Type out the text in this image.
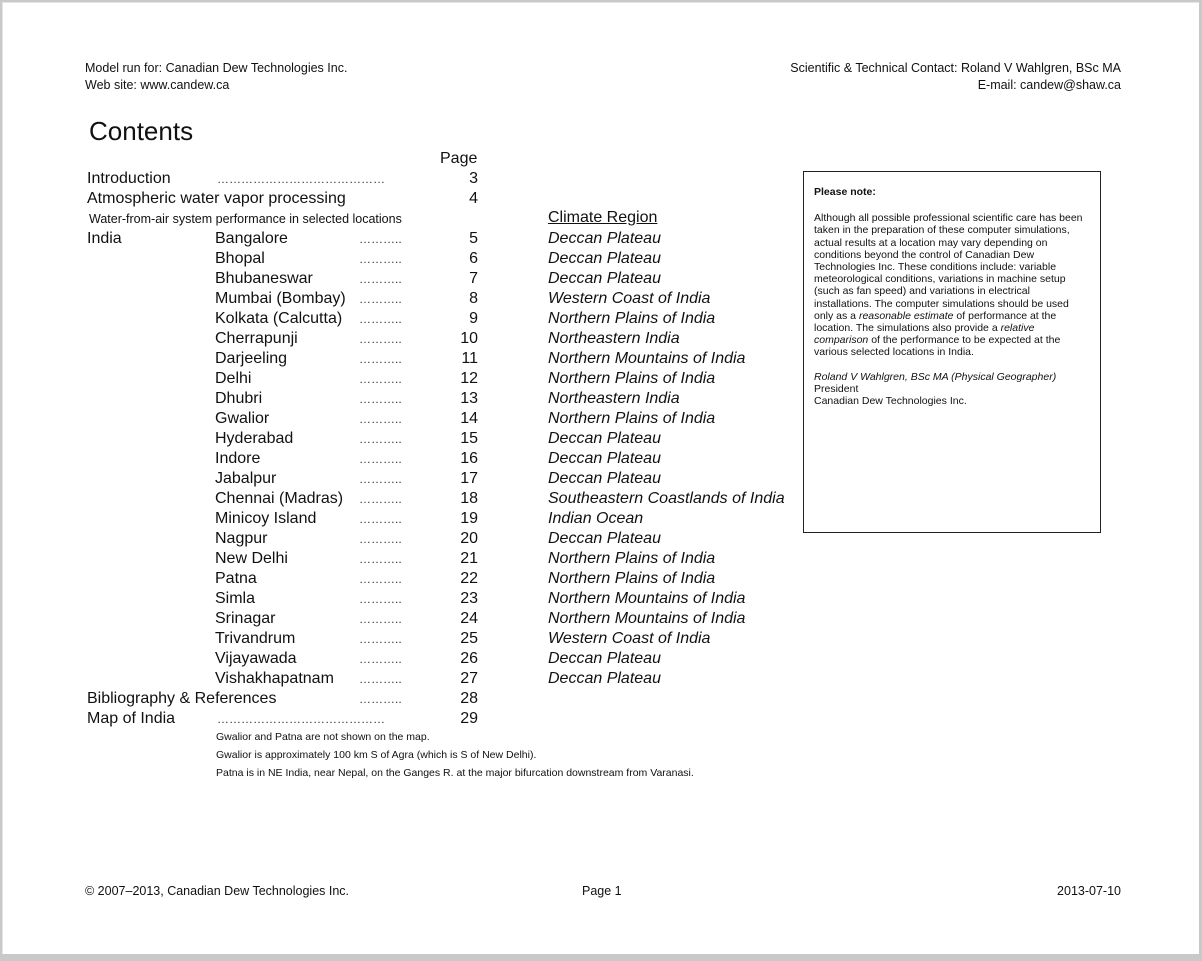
Model run for: Canadian Dew Technologies Inc.
Web site: www.candew.ca
Scientific & Technical Contact: Roland V Wahlgren, BSc MA
E-mail: candew@shaw.ca
Contents
Page
Introduction	……………………………………	3
Atmospheric water vapor processing	4
Water-from-air system performance in selected locations	Climate Region
India	Bangalore	………..	5	Deccan Plateau
Bhopal	………..	6	Deccan Plateau
Bhubaneswar	………..	7	Deccan Plateau
Mumbai (Bombay) ………..	8	Western Coast of India
Kolkata (Calcutta) ………..	9	Northern Plains of India
Cherrapunji	………..	10	Northeastern India
Darjeeling	………..	11	Northern Mountains of India
Delhi	………..	12	Northern Plains of India
Dhubri	………..	13	Northeastern India
Gwalior	………..	14	Northern Plains of India
Hyderabad	………..	15	Deccan Plateau
Indore	………..	16	Deccan Plateau
Jabalpur	………..	17	Deccan Plateau
Chennai (Madras) ………..	18	Southeastern Coastlands of India
Minicoy Island	………..	19	Indian Ocean
Nagpur	………..	20	Deccan Plateau
New Delhi	………..	21	Northern Plains of India
Patna	………..	22	Northern Plains of India
Simla	………..	23	Northern Mountains of India
Srinagar	………..	24	Northern Mountains of India
Trivandrum	………..	25	Western Coast of India
Vijayawada	………..	26	Deccan Plateau
Vishakhapatnam ………..	27	Deccan Plateau
Bibliography & References	………..	28
Map of India	……………………………………	29
Gwalior and Patna are not shown on the map.
Gwalior is approximately 100 km S of Agra (which is S of New Delhi).
Patna is in NE India, near Nepal, on the Ganges R. at the major bifurcation downstream from Varanasi.
Please note:
Although all possible professional scientific care has been taken in the preparation of these computer simulations, actual results at a location may vary depending on conditions beyond the control of Canadian Dew Technologies Inc. These conditions include: variable meteorological conditions, variations in machine setup (such as fan speed) and variations in electrical installations. The computer simulations should be used only as a reasonable estimate of performance at the location. The simulations also provide a relative comparison of the performance to be expected at the various selected locations in India.
Roland V Wahlgren, BSc MA (Physical Geographer)
President
Canadian Dew Technologies Inc.
© 2007–2013, Canadian Dew Technologies Inc.	Page 1	2013-07-10
